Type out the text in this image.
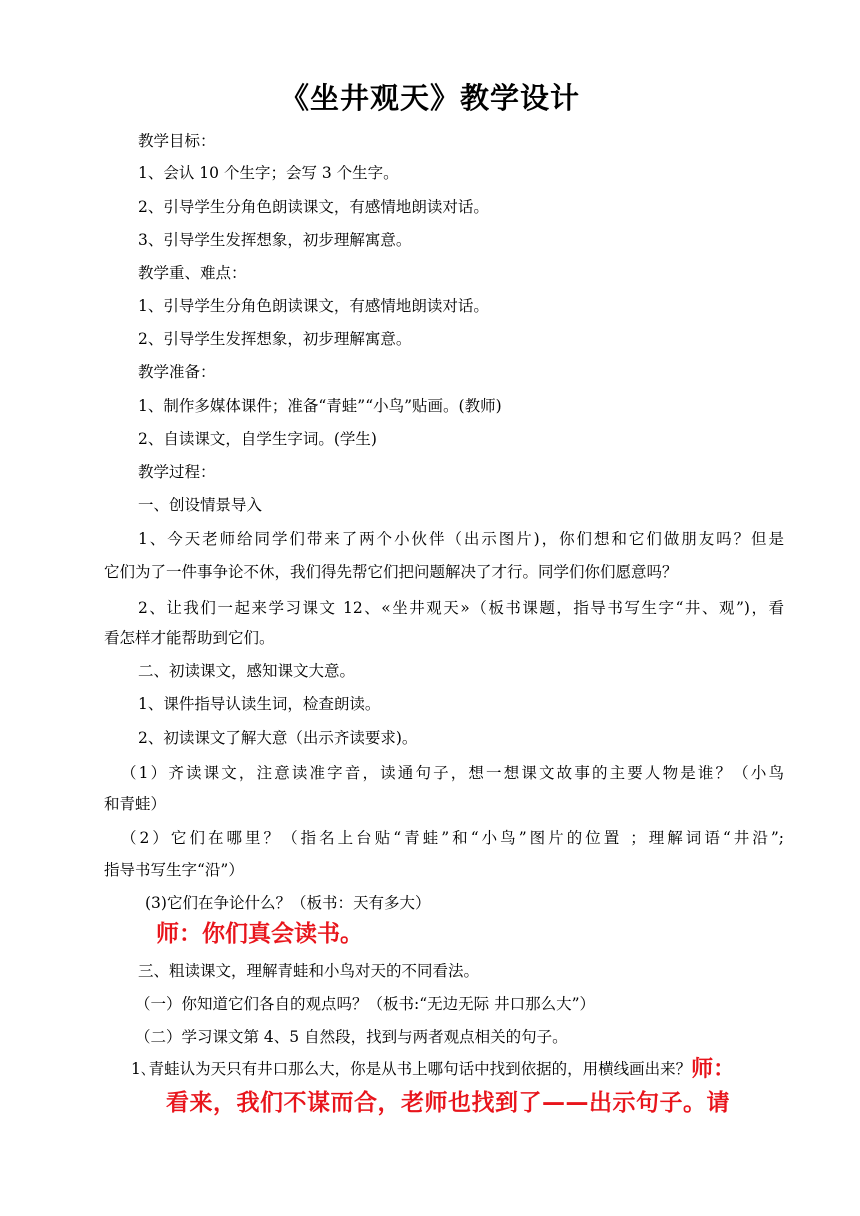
《坐井观天》教学设计
教学目标：
1、会认 10 个生字；会写 3 个生字。
2、引导学生分角色朗读课文，有感情地朗读对话。
3、引导学生发挥想象，初步理解寓意。
教学重、难点：
1、引导学生分角色朗读课文，有感情地朗读对话。
2、引导学生发挥想象，初步理解寓意。
教学准备：
1、制作多媒体课件；准备“青蛙”“小鸟”贴画。(教师)
2、自读课文，自学生字词。(学生)
教学过程：
一、创设情景导入
1、今天老师给同学们带来了两个小伙伴（出示图片)，你们想和它们做朋友吗？但是
它们为了一件事争论不休，我们得先帮它们把问题解决了才行。同学们你们愿意吗？
2、让我们一起来学习课文 12、«坐井观天»（板书课题，指导书写生字“井、观”)，看
看怎样才能帮助到它们。
二、初读课文，感知课文大意。
1、课件指导认读生词，检查朗读。
2、初读课文了解大意（出示齐读要求)。
（1）齐读课文，注意读准字音，读通句子，想一想课文故事的主要人物是谁？（小鸟
和青蛙）
（2）它们在哪里？（指名上台贴“青蛙”和“小鸟”图片的位置 ；理解词语“井沿”;
指导书写生字“沿”）
(3)它们在争论什么？（板书：天有多大）
师：你们真会读书。
三、粗读课文，理解青蛙和小鸟对天的不同看法。
（一）你知道它们各自的观点吗？（板书:“无边无际 井口那么大”）
（二）学习课文第 4、5 自然段，找到与两者观点相关的句子。
1､青蛙认为天只有井口那么大，你是从书上哪句话中找到依据的，用横线画出来？师：
看来，我们不谋而合，老师也找到了——出示句子。请
